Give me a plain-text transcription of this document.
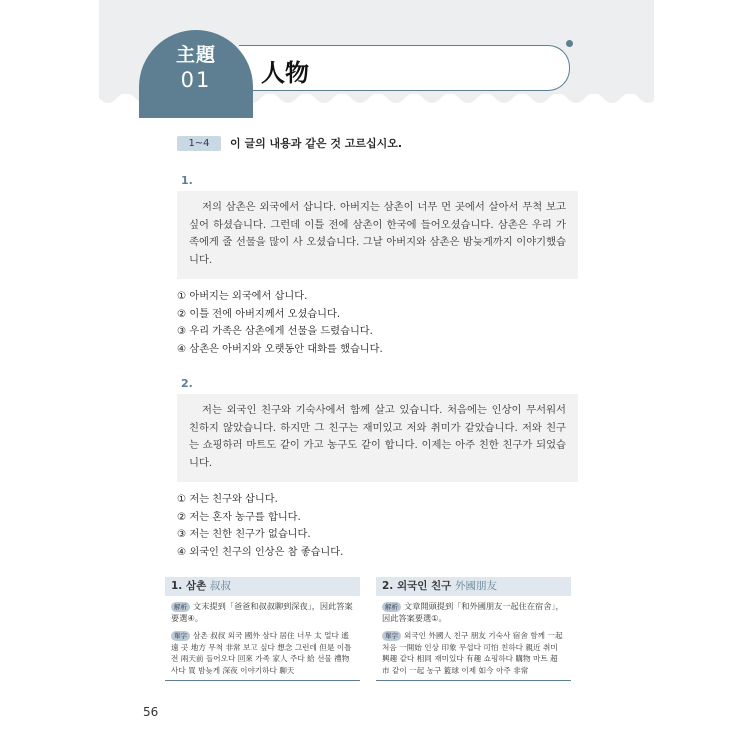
人物
主題
01
1~4	이 글의 내용과 같은 것 고르십시오.
1.
저의 삼촌은 외국에서 삽니다. 아버지는 삼촌이 너무 먼 곳에서 살아서 무척 보고 싶어 하셨습니다. 그런데 이틀 전에 삼촌이 한국에 들어오셨습니다. 삼촌은 우리 가족에게 줄 선물을 많이 사 오셨습니다. 그날 아버지와 삼촌은 밤늦게까지 이야기했습니다.
① 아버지는 외국에서 삽니다.
② 이틀 전에 아버지께서 오셨습니다.
③ 우리 가족은 삼촌에게 선물을 드렸습니다.
④ 삼촌은 아버지와 오랫동안 대화를 했습니다.
2.
저는 외국인 친구와 기숙사에서 함께 살고 있습니다. 처음에는 인상이 무서워서 친하지 않았습니다. 하지만 그 친구는 재미있고 저와 취미가 같았습니다. 저와 친구는 쇼핑하러 마트도 같이 가고 농구도 같이 합니다. 이제는 아주 친한 친구가 되었습니다.
① 저는 친구와 삽니다.
② 저는 혼자 농구를 합니다.
③ 저는 친한 친구가 없습니다.
④ 외국인 친구의 인상은 참 좋습니다.
1. 삼촌 叔叔
解析 文末提到「爸爸和叔叔聊到深夜」，因此答案要選④。
單字 삼촌 叔叔 외국 國外 삼다 居住 너무 太 멀다 遙遠 곳 地方 무척 非常 보고 싶다 想念 그런데 但是 이틀 전 兩天前 들어오다 回來 가족 家人 주다 給 선물 禮物 사다 買 밤늦게 深夜 이야기하다 聊天
2. 외국인 친구 外國朋友
解析 文章開頭提到「和外國朋友一起住在宿舍」，因此答案要選①。
單字 외국인 外國人 친구 朋友 기숙사 宿舍 함께 一起 처음 一開始 인상 印象 무섭다 可怕 친하다 親近 취미 興趣 같다 相同 재미있다 有趣 쇼핑하다 購物 마트 超市 같이 一起 농구 籃球 이제 如今 아주 非常
56
